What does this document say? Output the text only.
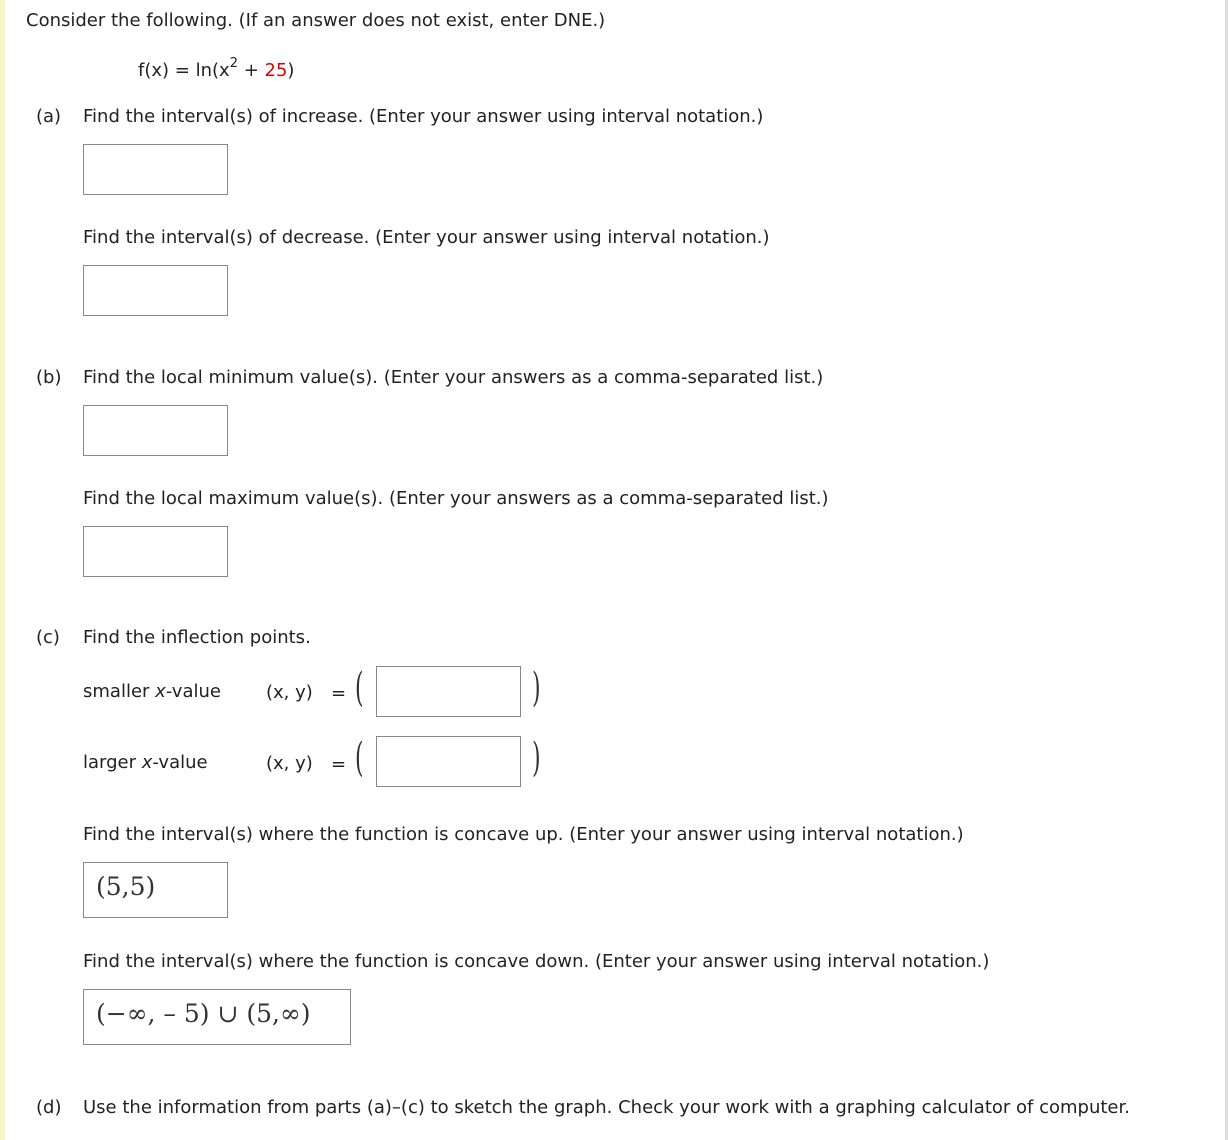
Consider the following. (If an answer does not exist, enter DNE.)
$f(x) = \ln(x^2 + 25)$
(a) Find the interval(s) of increase. (Enter your answer using interval notation.)
Find the interval(s) of decrease. (Enter your answer using interval notation.)
(b) Find the local minimum value(s). (Enter your answers as a comma-separated list.)
Find the local maximum value(s). (Enter your answers as a comma-separated list.)
(c) Find the inflection points.
smaller x-value	(x, y) = (	)
larger x-value	(x, y) = (	)
Find the interval(s) where the function is concave up. (Enter your answer using interval notation.)
(5,5)
Find the interval(s) where the function is concave down. (Enter your answer using interval notation.)
(−∞, – 5) ∪ (5,∞)
(d) Use the information from parts (a)–(c) to sketch the graph. Check your work with a graphing calculator of computer.
